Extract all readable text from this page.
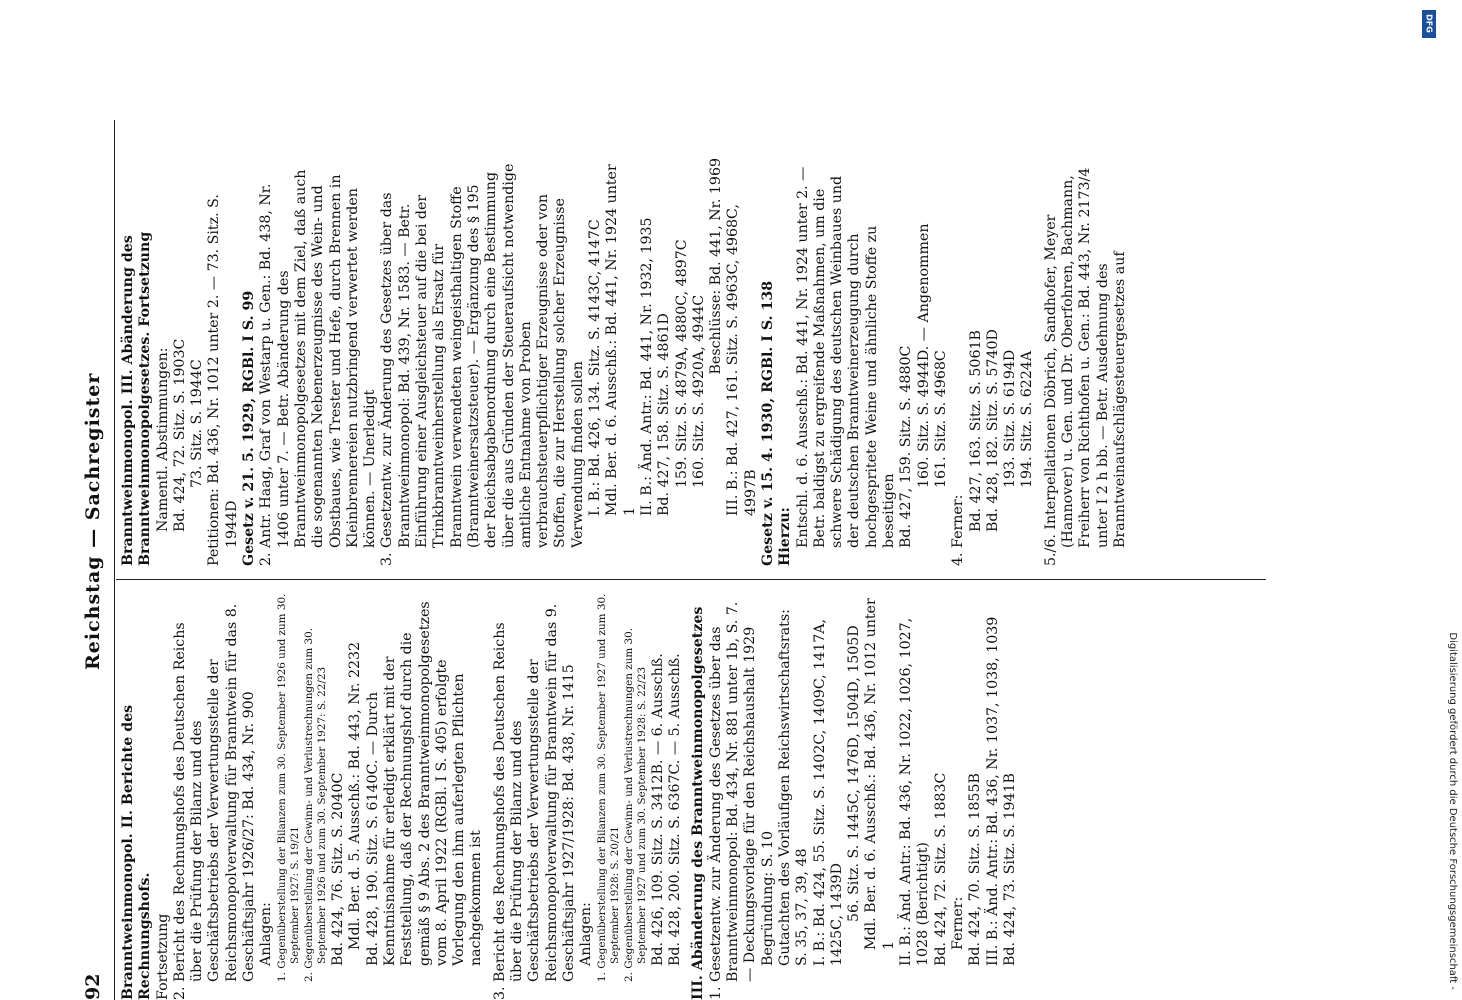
92
Reichstag — Sachregister

Branntweinmonopol. II. Berichte des Rechnungshofs. Fortsetzung 2. Bericht des Rechnungshofs des Deutschen Reichs über die Prüfung der Bilanz und des Geschäftsbetriebs der Verwertungsstelle der Reichsmonopolverwaltung für Branntwein für das 8. Geschäftsjahr 1926/27: Bd. 434, Nr. 900 Anlagen: 1. Gegenüberstellung der Bilanzen zum 30. September 1926 und zum 30. September 1927: S. 19/21 2. Gegenüberstellung der Gewinn- und Verlustrechnungen zum 30. September 1926 und zum 30. September 1927: S. 22/23 Bd. 424, 76. Sitz. S. 2040C Mdl. Ber. d. 5. Ausschß.: Bd. 443, Nr. 2232 Bd. 428, 190. Sitz. S. 6140C. — Durch Kenntnisnahme für erledigt erklärt mit der Feststellung, daß der Rechnungshof durch die gemäß § 9 Abs. 2 des Branntweinmonopolgesetzes vom 8. April 1922 (RGBl. I S. 405) erfolgte Vorlegung den ihm auferlegten Pflichten nachgekommen ist 3. Bericht des Rechnungshofs des Deutschen Reichs über die Prüfung der Bilanz und des Geschäftsbetriebs der Verwertungsstelle der Reichsmonopolverwaltung für Branntwein für das 9. Geschäftsjahr 1927/1928: Bd. 438, Nr. 1415 Anlagen: 1. Gegenüberstellung der Bilanzen zum 30. September 1927 und zum 30. September 1928: S. 20/21 2. Gegenüberstellung der Gewinn- und Verlustrechnungen zum 30. September 1927 und zum 30. September 1928: S. 22/23 Bd. 426, 109. Sitz. S. 3412B. — 6. Ausschß. Bd. 428, 200. Sitz. S. 6367C. — 5. Ausschß. III. Abänderung des Branntweinmonopolgesetzes 1. Gesetzentw. zur Änderung des Gesetzes über das Branntweinmonopol: Bd. 434, Nr. 881 unter 1b, S. 7. — Deckungsvorlage für den Reichshaushalt 1929 Begründung: S. 10 Gutachten des Vorläufigen Reichswirtschaftsrats: S. 35, 37, 39, 48 I. B.: Bd. 424, 55. Sitz. S. 1402C, 1409C, 1417A, 1425C, 1439D 56. Sitz. S. 1445C, 1476D, 1504D, 1505D Mdl. Ber. d. 6. Ausschß.: Bd. 436, Nr. 1012 unter 1 II. B.: Änd. Antr.: Bd. 436, Nr. 1022, 1026, 1027, 1028 (Berichtigt) Bd. 424, 72. Sitz. S. 1883C Ferner: Bd. 424, 70. Sitz. S. 1855B III. B.: Änd. Antr.: Bd. 436, Nr. 1037, 1038, 1039 Bd. 424, 73. Sitz. S. 1941B

Branntweinmonopol. III. Abänderung des Branntweinmonopolgesetzes. Fortsetzung Namentl. Abstimmungen: Bd. 424, 72. Sitz. S. 1903C 73. Sitz. S. 1944C Petitionen: Bd. 436, Nr. 1012 unter 2. — 73. Sitz. S. 1944D Gesetz v. 21. 5. 1929, RGBl. I S. 99 2. Antr. Haag, Graf von Westarp u. Gen.: Bd. 438, Nr. 1406 unter 7. — Betr. Abänderung des Branntweinmonopolgesetzes mit dem Ziel, daß auch die sogenannten Nebenerzeugnisse des Wein- und Obstbaues, wie Trester und Hefe, durch Brennen in Kleinbrennereien nutzbringend verwertet werden können. — Unerledigt 3. Gesetzentw. zur Änderung des Gesetzes über das Branntweinmonopol: Bd. 439, Nr. 1583. — Betr. Einführung einer Ausgleichsteuer auf die bei der Trinkbranntweinherstellung als Ersatz für Branntwein verwendeten weingeisthaltigen Stoffe (Branntweinersatzsteuer). — Ergänzung des § 195 der Reichsabgabenordnung durch eine Bestimmung über die aus Gründen der Steueraufsicht notwendige amtliche Entnahme von Proben verbrauchsteuerpflichtiger Erzeugnisse oder von Stoffen, die zur Herstellung solcher Erzeugnisse Verwendung finden sollen I. B.: Bd. 426, 134. Sitz. S. 4143C, 4147C Mdl. Ber. d. 6. Ausschß.: Bd. 441, Nr. 1924 unter 1 II. B.: Änd. Antr.: Bd. 441, Nr. 1932, 1935 Bd. 427, 158. Sitz. S. 4861D 159. Sitz. S. 4879A, 4880C, 4897C 160. Sitz. S. 4920A, 4944C

Beschlüsse: Bd. 441, Nr. 1969 III. B.: Bd. 427, 161. Sitz. S. 4963C, 4968C, 4997B Gesetz v. 15. 4. 1930, RGBl. I S. 138 Hierzu: Entschl. d. 6. Ausschß.: Bd. 441, Nr. 1924 unter 2. — Betr. baldigst zu ergreifende Maßnahmen, um die schwere Schädigung des deutschen Weinbaues und der deutschen Branntweinerzeugung durch hochgespritete Weine und ähnliche Stoffe zu beseitigen Bd. 427, 159. Sitz. S. 4880C 160. Sitz. S. 4944D. — Angenommen 161. Sitz. S. 4968C

4. Ferner: Bd. 427, 163. Sitz. S. 5061B Bd. 428, 182. Sitz. S. 5740D 193. Sitz. S. 6194D 194. Sitz. S. 6224A 5./6. Interpellationen Döbrich, Sandhofer, Meyer (Hannover) u. Gen. und Dr. Oberfohren, Bachmann, Freiherr von Richthofen u. Gen.: Bd. 443, Nr. 2173/4 unter I 2 h bb. — Betr. Ausdehnung des Branntweinaufschlägesteuergesetzes auf

DFG
Digitalisierung gefördert durch die Deutsche Forschungsgemeinschaft -
